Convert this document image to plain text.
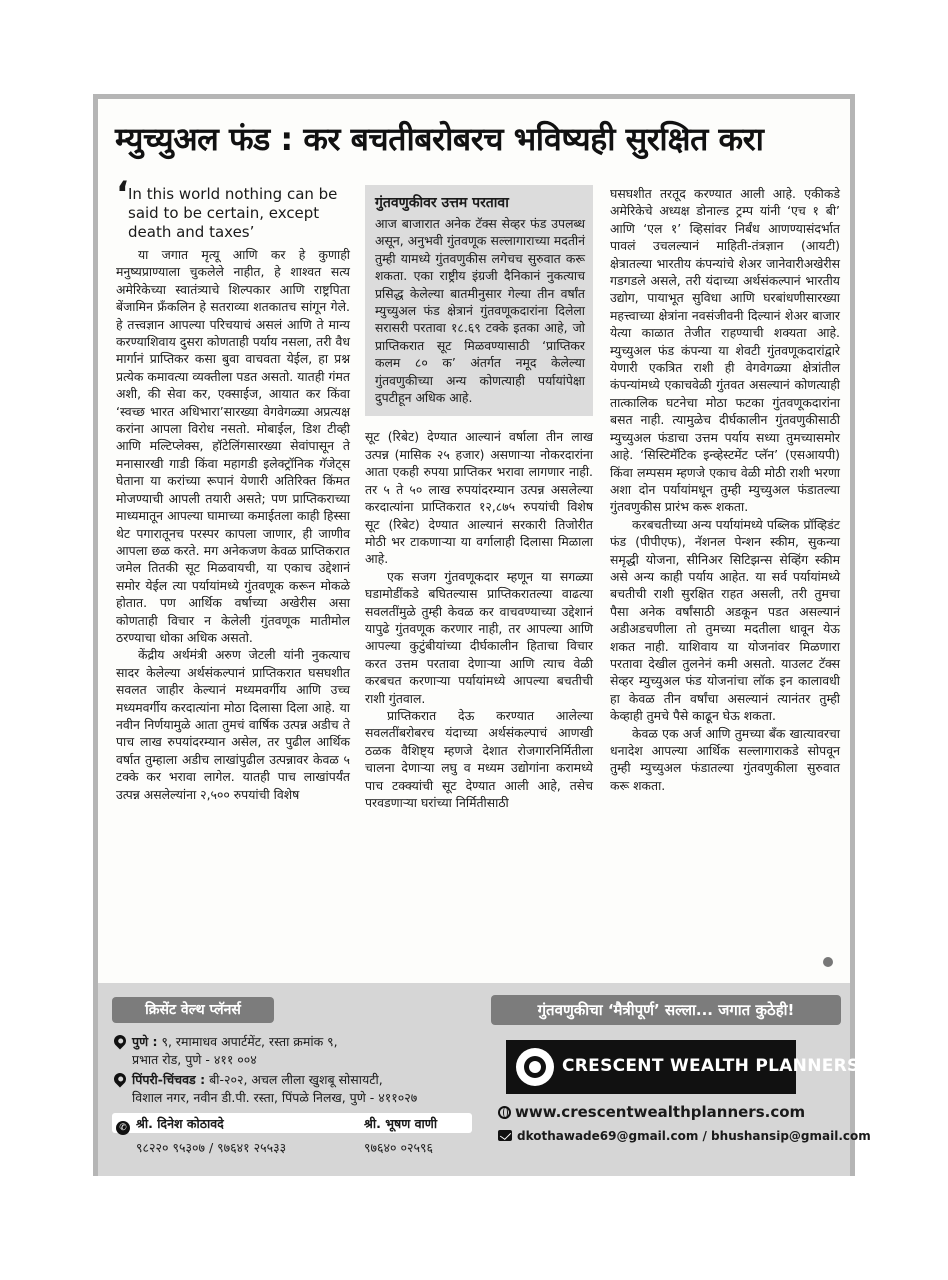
म्युच्युअल फंड : कर बचतीबरोबरच भविष्यही सुरक्षित करा
‘ In this world nothing can be said to be certain, except death and taxes’

या जगात मृत्यू आणि कर हे कुणाही मनुष्यप्राण्याला चुकलेले नाहीत, हे शाश्वत सत्य अमेरिकेच्या स्वातंत्र्याचे शिल्पकार आणि राष्ट्रपिता बेंजामिन फ्रँकलिन हे सतराव्या शतकातच सांगून गेले. हे तत्त्वज्ञान आपल्या परिचयाचं असलं आणि ते मान्य करण्याशिवाय दुसरा कोणताही पर्याय नसला, तरी वैध मार्गानं प्राप्तिकर कसा बुवा वाचवता येईल, हा प्रश्न प्रत्येक कमावत्या व्यक्तीला पडत असतो. यातही गंमत अशी, की सेवा कर, एक्साईज, आयात कर किंवा ‘स्वच्छ भारत अधिभारा’सारख्या वेगवेगळ्या अप्रत्यक्ष करांना आपला विरोध नसतो. मोबाईल, डिश टीव्ही आणि मल्टिप्लेक्स, हॉटेलिंगसारख्या सेवांपासून ते मनासारखी गाडी किंवा महागडी इलेक्ट्रॉनिक गॅजेट्स घेताना या करांच्या रूपानं येणारी अतिरिक्त किंमत मोजण्याची आपली तयारी असते; पण प्राप्तिकराच्या माध्यमातून आपल्या घामाच्या कमाईतला काही हिस्सा थेट पगारातूनच परस्पर कापला जाणार, ही जाणीव आपला छळ करते. मग अनेकजण केवळ प्राप्तिकरात जमेल तितकी सूट मिळवायची, या एकाच उद्देशानं समोर येईल त्या पर्यायांमध्ये गुंतवणूक करून मोकळे होतात. पण आर्थिक वर्षाच्या अखेरीस असा कोणताही विचार न केलेली गुंतवणूक मातीमोल ठरण्याचा धोका अधिक असतो.

केंद्रीय अर्थमंत्री अरुण जेटली यांनी नुकत्याच सादर केलेल्या अर्थसंकल्पानं प्राप्तिकरात घसघशीत सवलत जाहीर केल्यानं मध्यमवर्गीय आणि उच्च मध्यमवर्गीय करदात्यांना मोठा दिलासा दिला आहे. या नवीन निर्णयामुळे आता तुमचं वार्षिक उत्पन्न अडीच ते पाच लाख रुपयांदरम्यान असेल, तर पुढील आर्थिक वर्षात तुम्हाला अडीच लाखांपुढील उत्पन्नावर केवळ ५ टक्के कर भरावा लागेल. यातही पाच लाखांपर्यंत उत्पन्न असलेल्यांना २,५०० रुपयांची विशेष

गुंतवणुकीवर उत्तम परतावा

आज बाजारात अनेक टॅक्स सेव्हर फंड उपलब्ध असून, अनुभवी गुंतवणूक सल्लागाराच्या मदतीनं तुम्ही यामध्ये गुंतवणुकीस लगेचच सुरुवात करू शकता. एका राष्ट्रीय इंग्रजी दैनिकानं नुकत्याच प्रसिद्ध केलेल्या बातमीनुसार गेल्या तीन वर्षांत म्युच्युअल फंड क्षेत्रानं गुंतवणूकदारांना दिलेला सरासरी परतावा १८.६९ टक्के इतका आहे, जो प्राप्तिकरात सूट मिळवण्यासाठी ‘प्राप्तिकर कलम ८० क’ अंतर्गत नमूद केलेल्या गुंतवणुकीच्या अन्य कोणत्याही पर्यायांपेक्षा दुपटीहून अधिक आहे.

सूट (रिबेट) देण्यात आल्यानं वर्षाला तीन लाख उत्पन्न (मासिक २५ हजार) असणाऱ्या नोकरदारांना आता एकही रुपया प्राप्तिकर भरावा लागणार नाही. तर ५ ते ५० लाख रुपयांदरम्यान उत्पन्न असलेल्या करदात्यांना प्राप्तिकरात १२,८७५ रुपयांची विशेष सूट (रिबेट) देण्यात आल्यानं सरकारी तिजोरीत मोठी भर टाकणाऱ्या या वर्गालाही दिलासा मिळाला आहे.

एक सजग गुंतवणूकदार म्हणून या सगळ्या घडामोडींकडे बघितल्यास प्राप्तिकरातल्या वाढत्या सवलतींमुळे तुम्ही केवळ कर वाचवण्याच्या उद्देशानं यापुढे गुंतवणूक करणार नाही, तर आपल्या आणि आपल्या कुटुंबीयांच्या दीर्घकालीन हिताचा विचार करत उत्तम परतावा देणाऱ्या आणि त्याच वेळी करबचत करणाऱ्या पर्यायांमध्ये आपल्या बचतीची राशी गुंतवाल.

प्राप्तिकरात देऊ करण्यात आलेल्या सवलतींबरोबरच यंदाच्या अर्थसंकल्पाचं आणखी ठळक वैशिष्ट्य म्हणजे देशात रोजगारनिर्मितीला चालना देणाऱ्या लघु व मध्यम उद्योगांना करामध्ये पाच टक्क्यांची सूट देण्यात आली आहे, तसेच परवडणाऱ्या घरांच्या निर्मितीसाठी

घसघशीत तरतूद करण्यात आली आहे. एकीकडे अमेरिकेचे अध्यक्ष डोनाल्ड ट्रम्प यांनी ‘एच १ बी’ आणि ‘एल १’ व्हिसांवर निर्बंध आणण्यासंदर्भात पावलं उचलल्यानं माहिती-तंत्रज्ञान (आयटी) क्षेत्रातल्या भारतीय कंपन्यांचे शेअर जानेवारीअखेरीस गडगडले असले, तरी यंदाच्या अर्थसंकल्पानं भारतीय उद्योग, पायाभूत सुविधा आणि घरबांधणीसारख्या महत्त्वाच्या क्षेत्रांना नवसंजीवनी दिल्यानं शेअर बाजार येत्या काळात तेजीत राहण्याची शक्यता आहे. म्युच्युअल फंड कंपन्या या शेवटी गुंतवणूकदारांद्वारे येणारी एकत्रित राशी ही वेगवेगळ्या क्षेत्रांतील कंपन्यांमध्ये एकाचवेळी गुंतवत असल्यानं कोणत्याही तात्कालिक घटनेचा मोठा फटका गुंतवणूकदारांना बसत नाही. त्यामुळेच दीर्घकालीन गुंतवणुकीसाठी म्युच्युअल फंडाचा उत्तम पर्याय सध्या तुमच्यासमोर आहे. ‘सिस्टिमॅटिक इन्व्हेस्टमेंट प्लॅन’ (एसआयपी) किंवा लम्पसम म्हणजे एकाच वेळी मोठी राशी भरणा अशा दोन पर्यायांमधून तुम्ही म्युच्युअल फंडातल्या गुंतवणुकीस प्रारंभ करू शकता.

करबचतीच्या अन्य पर्यायांमध्ये पब्लिक प्रॉव्हिडंट फंड (पीपीएफ), नॅशनल पेन्शन स्कीम, सुकन्या समृद्धी योजना, सीनिअर सिटिझन्स सेव्हिंग स्कीम असे अन्य काही पर्याय आहेत. या सर्व पर्यायांमध्ये बचतीची राशी सुरक्षित राहत असली, तरी तुमचा पैसा अनेक वर्षांसाठी अडकून पडत असल्यानं अडीअडचणीला तो तुमच्या मदतीला धावून येऊ शकत नाही. याशिवाय या योजनांवर मिळणारा परतावा देखील तुलनेनं कमी असतो. याउलट टॅक्स सेव्हर म्युच्युअल फंड योजनांचा लॉक इन कालावधी हा केवळ तीन वर्षांचा असल्यानं त्यानंतर तुम्ही केव्हाही तुमचे पैसे काढून घेऊ शकता.

केवळ एक अर्ज आणि तुमच्या बँक खात्यावरचा धनादेश आपल्या आर्थिक सल्लागाराकडे सोपवून तुम्ही म्युच्युअल फंडातल्या गुंतवणुकीला सुरुवात करू शकता.

क्रिसेंट वेल्थ प्लॅनर्स	गुंतवणुकीचा ‘मैत्रीपूर्ण’ सल्ला... जगात कुठेही!
पुणे : ९, रमामाधव अपार्टमेंट, रस्ता क्रमांक ९,
प्रभात रोड, पुणे - ४११ ००४
पिंपरी-चिंचवड : बी-२०२, अचल लीला खुशबू सोसायटी,
विशाल नगर, नवीन डी.पी. रस्ता, पिंपळे निलख, पुणे - ४११०२७
✆ श्री. दिनेश कोठावदे	श्री. भूषण वाणी
९८२२० ९५३०७ / ९७६४१ २५५३३	९७६४० ०२५९६
CRESCENT WEALTH PLANNERS™
www.crescentwealthplanners.com
dkothawade69@gmail.com / bhushansip@gmail.com
